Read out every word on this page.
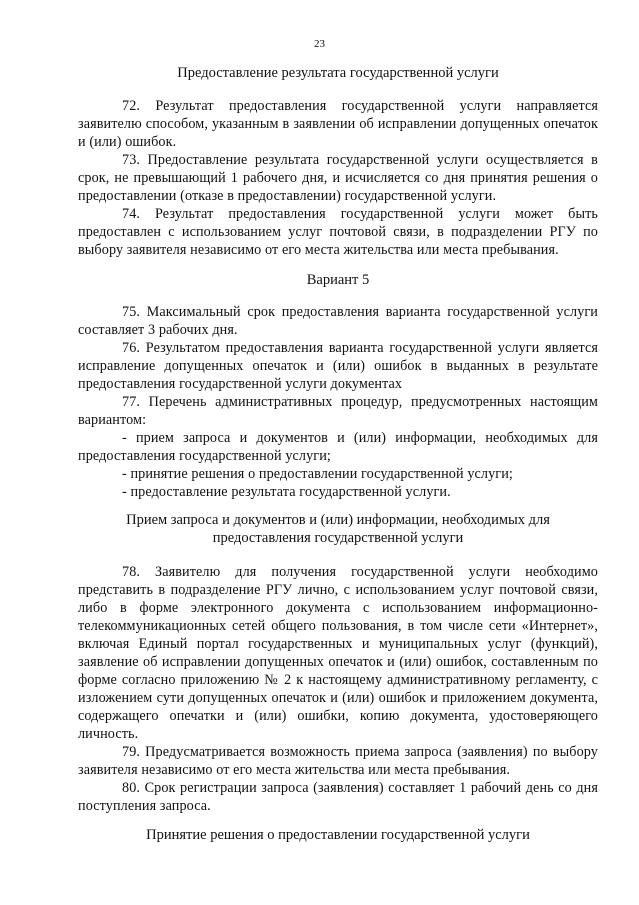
23
Предоставление результата государственной услуги

72. Результат предоставления государственной услуги направляется заявителю способом, указанным в заявлении об исправлении допущенных опечаток и (или) ошибок.

73. Предоставление результата государственной услуги осуществляется в срок, не превышающий 1 рабочего дня, и исчисляется со дня принятия решения о предоставлении (отказе в предоставлении) государственной услуги.

74. Результат предоставления государственной услуги может быть предоставлен с использованием услуг почтовой связи, в подразделении РГУ по выбору заявителя независимо от его места жительства или места пребывания.

Вариант 5

75. Максимальный срок предоставления варианта государственной услуги составляет 3 рабочих дня.

76. Результатом предоставления варианта государственной услуги является исправление допущенных опечаток и (или) ошибок в выданных в результате предоставления государственной услуги документах

77. Перечень административных процедур, предусмотренных настоящим вариантом:

- прием запроса и документов и (или) информации, необходимых для предоставления государственной услуги;
- принятие решения о предоставлении государственной услуги;
- предоставление результата государственной услуги.
Прием запроса и документов и (или) информации, необходимых для предоставления государственной услуги

78. Заявителю для получения государственной услуги необходимо представить в подразделение РГУ лично, с использованием услуг почтовой связи, либо в форме электронного документа с использованием информационно-телекоммуникационных сетей общего пользования, в том числе сети «Интернет», включая Единый портал государственных и муниципальных услуг (функций), заявление об исправлении допущенных опечаток и (или) ошибок, составленным по форме согласно приложению № 2 к настоящему административному регламенту, с изложением сути допущенных опечаток и (или) ошибок и приложением документа, содержащего опечатки и (или) ошибки, копию документа, удостоверяющего личность.

79. Предусматривается возможность приема запроса (заявления) по выбору заявителя независимо от его места жительства или места пребывания.

80. Срок регистрации запроса (заявления) составляет 1 рабочий день со дня поступления запроса.

Принятие решения о предоставлении государственной услуги
